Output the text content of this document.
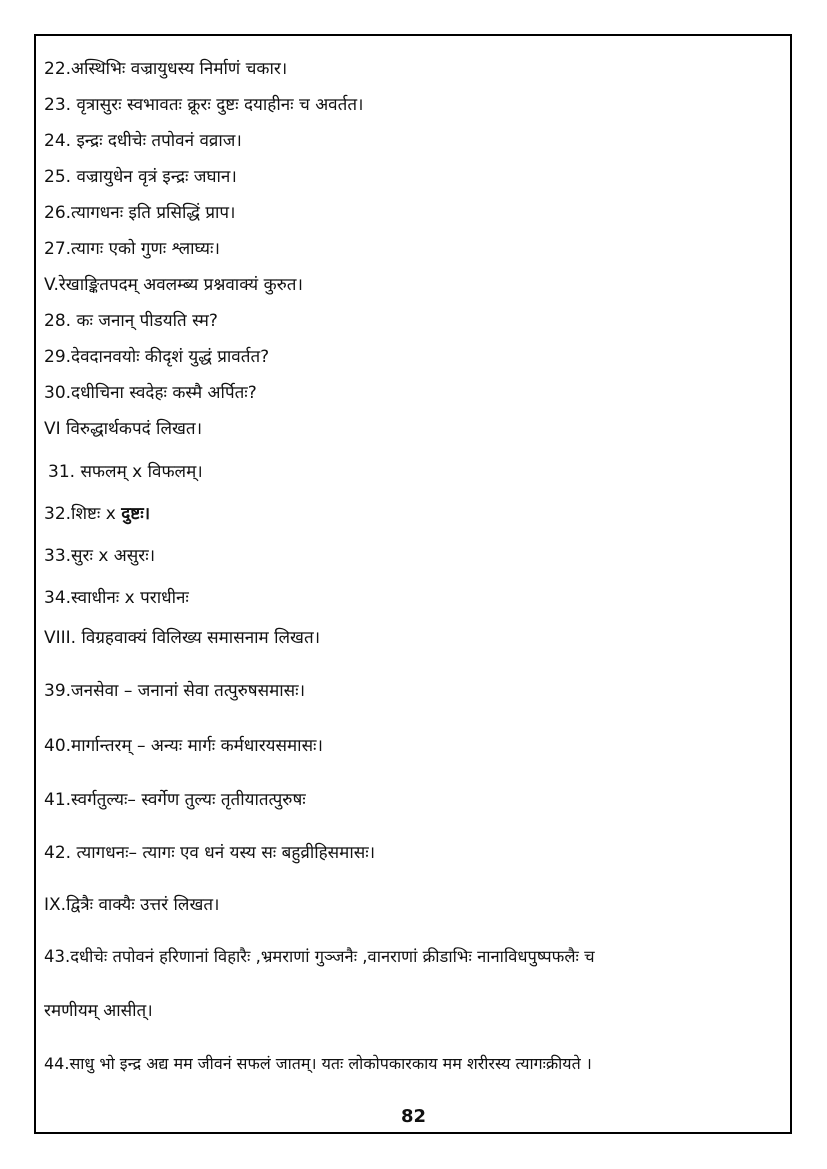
22.अस्थिभिः वज्रायुधस्य निर्माणं चकार।
23. वृत्रासुरः स्वभावतः क्रूरः दुष्टः दयाहीनः च अवर्तत।
24. इन्द्रः दधीचेः तपोवनं वव्राज।
25. वज्रायुधेन वृत्रं इन्द्रः जघान।
26.त्यागधनः इति प्रसिद्धिं प्राप।
27.त्यागः एको गुणः श्लाघ्यः।
V.रेखाङ्कितपदम् अवलम्ब्य प्रश्नवाक्यं कुरुत।
28. कः जनान् पीडयति स्म?
29.देवदानवयोः कीदृशं युद्धं प्रावर्तत?
30.दधीचिना स्वदेहः कस्मै अर्पितः?
VI विरुद्धार्थकपदं लिखत।
31. सफलम् x विफलम्।
32.शिष्टः x दुष्टः।
33.सुरः x असुरः।
34.स्वाधीनः x पराधीनः
VIII. विग्रहवाक्यं विलिख्य समासनाम लिखत।
39.जनसेवा – जनानां सेवा तत्पुरुषसमासः।
40.मार्गान्तरम् – अन्यः मार्गः कर्मधारयसमासः।
41.स्वर्गतुल्यः– स्वर्गेण तुल्यः तृतीयातत्पुरुषः
42. त्यागधनः– त्यागः एव धनं यस्य सः बहुव्रीहिसमासः।
IX.द्वित्रैः वाक्यैः उत्तरं लिखत।
43.दधीचेः तपोवनं हरिणानां विहारैः ,भ्रमराणां गुञ्जनैः ,वानराणां क्रीडाभिः नानाविधपुष्पफलैः च
रमणीयम् आसीत्।
44.साधु भो इन्द्र अद्य मम जीवनं सफलं जातम्। यतः लोकोपकारकाय मम शरीरस्य त्यागःक्रीयते ।
82
